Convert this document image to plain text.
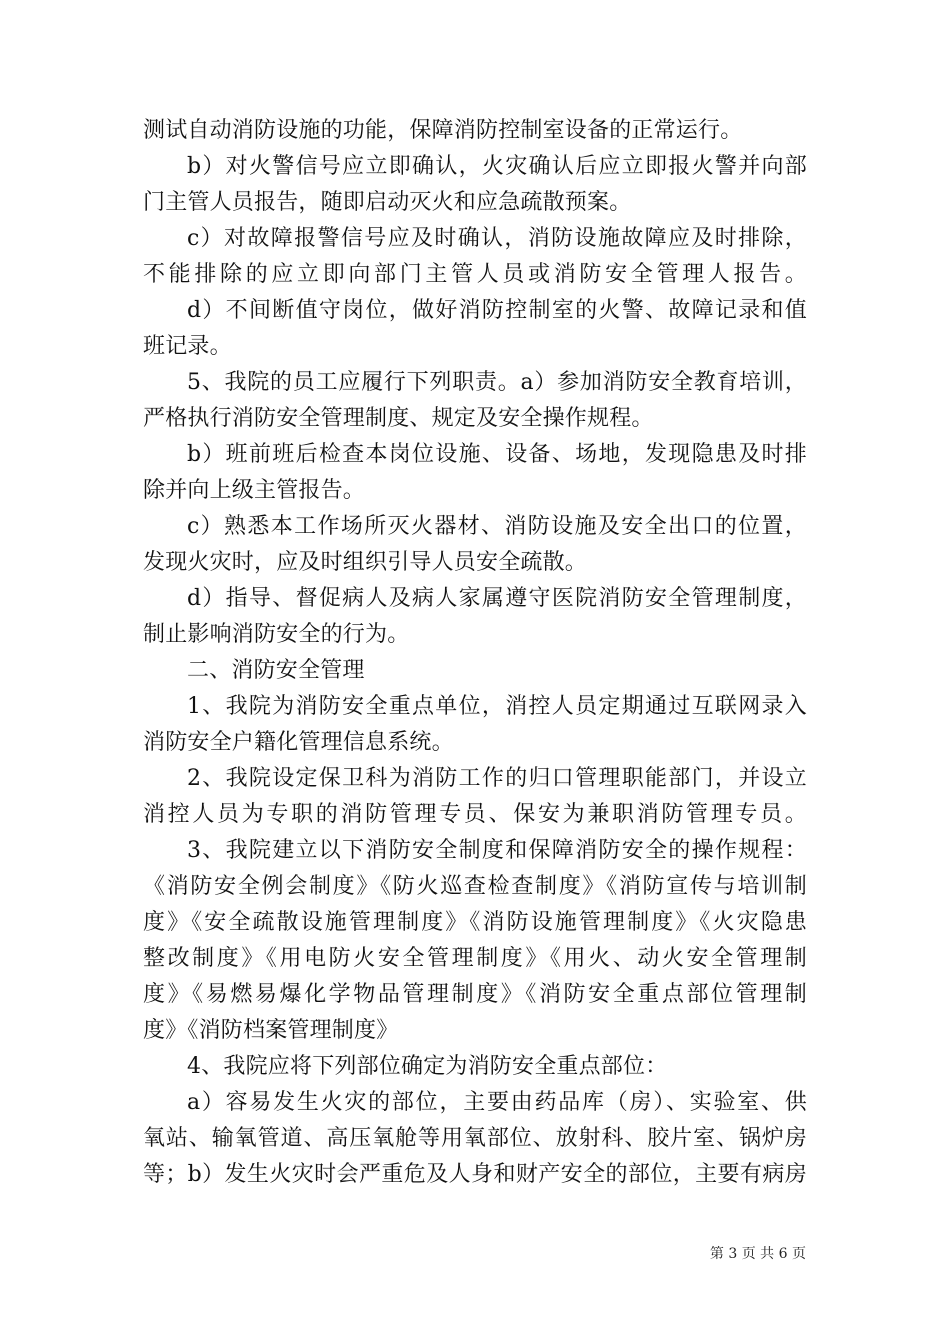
测试自动消防设施的功能，保障消防控制室设备的正常运行。
b）对火警信号应立即确认，火灾确认后应立即报火警并向部
门主管人员报告，随即启动灭火和应急疏散预案。
c）对故障报警信号应及时确认，消防设施故障应及时排除，
不能排除的应立即向部门主管人员或消防安全管理人报告。
d）不间断值守岗位，做好消防控制室的火警、故障记录和值
班记录。
5、我院的员工应履行下列职责。a）参加消防安全教育培训，
严格执行消防安全管理制度、规定及安全操作规程。
b）班前班后检查本岗位设施、设备、场地，发现隐患及时排
除并向上级主管报告。
c）熟悉本工作场所灭火器材、消防设施及安全出口的位置，
发现火灾时，应及时组织引导人员安全疏散。
d）指导、督促病人及病人家属遵守医院消防安全管理制度，
制止影响消防安全的行为。
二、消防安全管理
1、我院为消防安全重点单位，消控人员定期通过互联网录入
消防安全户籍化管理信息系统。
2、我院设定保卫科为消防工作的归口管理职能部门，并设立
消控人员为专职的消防管理专员、保安为兼职消防管理专员。
3、我院建立以下消防安全制度和保障消防安全的操作规程：
《消防安全例会制度》《防火巡查检查制度》《消防宣传与培训制
度》《安全疏散设施管理制度》《消防设施管理制度》《火灾隐患
整改制度》《用电防火安全管理制度》《用火、动火安全管理制
度》《易燃易爆化学物品管理制度》《消防安全重点部位管理制
度》《消防档案管理制度》
4、我院应将下列部位确定为消防安全重点部位：
a）容易发生火灾的部位，主要由药品库（房）、实验室、供
氧站、输氧管道、高压氧舱等用氧部位、放射科、胶片室、锅炉房
等；b）发生火灾时会严重危及人身和财产安全的部位，主要有病房
第 3 页 共 6 页
